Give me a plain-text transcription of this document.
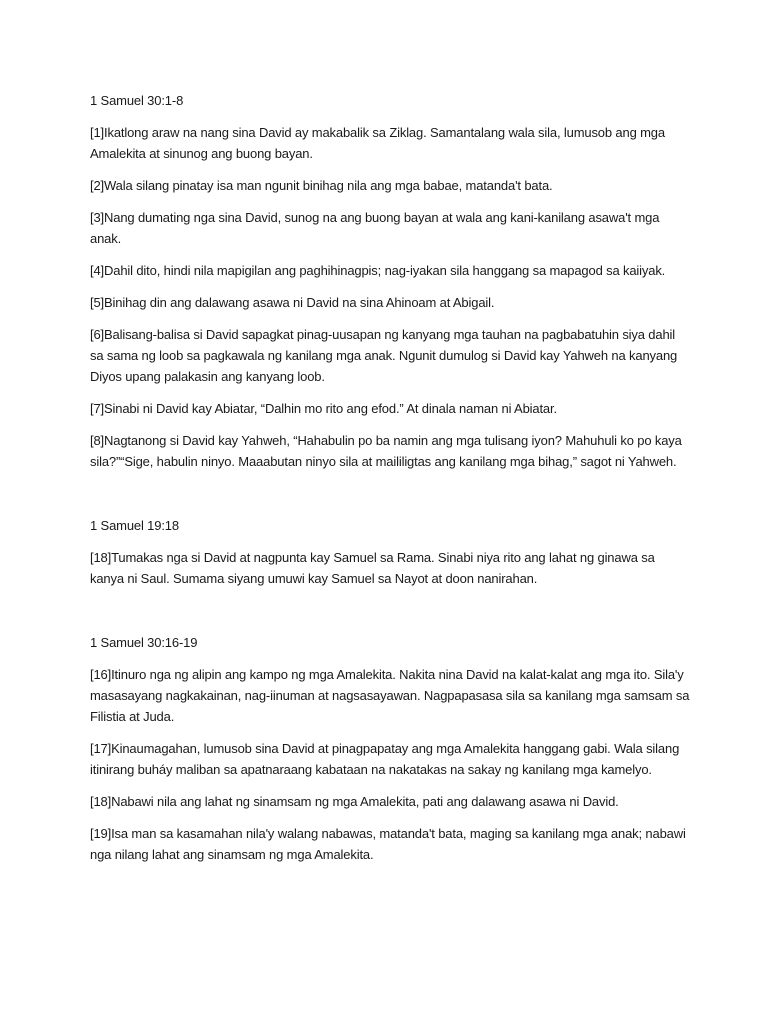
1 Samuel 30:1-8

[1]Ikatlong araw na nang sina David ay makabalik sa Ziklag. Samantalang wala sila, lumusob ang mga Amalekita at sinunog ang buong bayan.

[2]Wala silang pinatay isa man ngunit binihag nila ang mga babae, matanda't bata.

[3]Nang dumating nga sina David, sunog na ang buong bayan at wala ang kani-kanilang asawa't mga anak.

[4]Dahil dito, hindi nila mapigilan ang paghihinagpis; nag-iyakan sila hanggang sa mapagod sa kaiiyak.

[5]Binihag din ang dalawang asawa ni David na sina Ahinoam at Abigail.

[6]Balisang-balisa si David sapagkat pinag-uusapan ng kanyang mga tauhan na pagbabatuhin siya dahil sa sama ng loob sa pagkawala ng kanilang mga anak. Ngunit dumulog si David kay Yahweh na kanyang Diyos upang palakasin ang kanyang loob.

[7]Sinabi ni David kay Abiatar, “Dalhin mo rito ang efod.” At dinala naman ni Abiatar.

[8]Nagtanong si David kay Yahweh, “Hahabulin po ba namin ang mga tulisang iyon? Mahuhuli ko po kaya sila?”“Sige, habulin ninyo. Maaabutan ninyo sila at maililigtas ang kanilang mga bihag,” sagot ni Yahweh.

1 Samuel 19:18

[18]Tumakas nga si David at nagpunta kay Samuel sa Rama. Sinabi niya rito ang lahat ng ginawa sa kanya ni Saul. Sumama siyang umuwi kay Samuel sa Nayot at doon nanirahan.

1 Samuel 30:16-19

[16]Itinuro nga ng alipin ang kampo ng mga Amalekita. Nakita nina David na kalat-kalat ang mga ito. Sila'y masasayang nagkakainan, nag-iinuman at nagsasayawan. Nagpapasasa sila sa kanilang mga samsam sa Filistia at Juda.

[17]Kinaumagahan, lumusob sina David at pinagpapatay ang mga Amalekita hanggang gabi. Wala silang itinirang buháy maliban sa apatnaraang kabataan na nakatakas na sakay ng kanilang mga kamelyo.

[18]Nabawi nila ang lahat ng sinamsam ng mga Amalekita, pati ang dalawang asawa ni David.

[19]Isa man sa kasamahan nila'y walang nabawas, matanda't bata, maging sa kanilang mga anak; nabawi nga nilang lahat ang sinamsam ng mga Amalekita.
